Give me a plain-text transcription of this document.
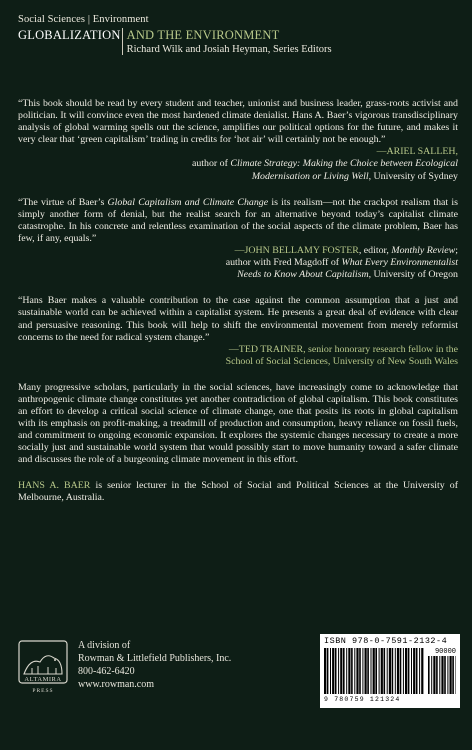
Social Sciences | Environment
GLOBALIZATION AND THE ENVIRONMENT
Richard Wilk and Josiah Heyman, Series Editors

“This book should be read by every student and teacher, unionist and business leader, grass-roots activist and politician. It will convince even the most hardened climate denialist. Hans A. Baer’s vigorous transdisciplinary analysis of global warming spells out the science, amplifies our political options for the future, and makes it very clear that ‘green capitalism’ trading in credits for ‘hot air’ will certainly not be enough.”

—ARIEL SALLEH,

author of Climate Strategy: Making the Choice between Ecological

Modernisation or Living Well, University of Sydney

“The virtue of Baer’s Global Capitalism and Climate Change is its realism—not the crackpot realism that is simply another form of denial, but the realist search for an alternative beyond today’s capitalist climate catastrophe. In his concrete and relentless examination of the social aspects of the climate problem, Baer has few, if any, equals.”

—JOHN BELLAMY FOSTER, editor, Monthly Review;

author with Fred Magdoff of What Every Environmentalist

Needs to Know About Capitalism, University of Oregon

“Hans Baer makes a valuable contribution to the case against the common assumption that a just and sustainable world can be achieved within a capitalist system. He presents a great deal of evidence with clear and persuasive reasoning. This book will help to shift the environmental movement from merely reformist concerns to the need for radical system change.”

—TED TRAINER, senior honorary research fellow in the

School of Social Sciences, University of New South Wales

Many progressive scholars, particularly in the social sciences, have increasingly come to acknowledge that anthropogenic climate change constitutes yet another contradiction of global capitalism. This book constitutes an effort to develop a critical social science of climate change, one that posits its roots in global capitalism with its emphasis on profit-making, a treadmill of production and consumption, heavy reliance on fossil fuels, and commitment to ongoing economic expansion. It explores the systemic changes necessary to create a more socially just and sustainable world system that would possibly start to move humanity toward a safer climate and discusses the role of a burgeoning climate movement in this effort.

HANS A. BAER is senior lecturer in the School of Social and Political Sciences at the University of Melbourne, Australia.

ALTAMIRA
PRESS
A division of
Rowman & Littlefield Publishers, Inc.
800-462-6420
www.rowman.com
ISBN 978-0-7591-2132-4
90000
9 780759 121324
